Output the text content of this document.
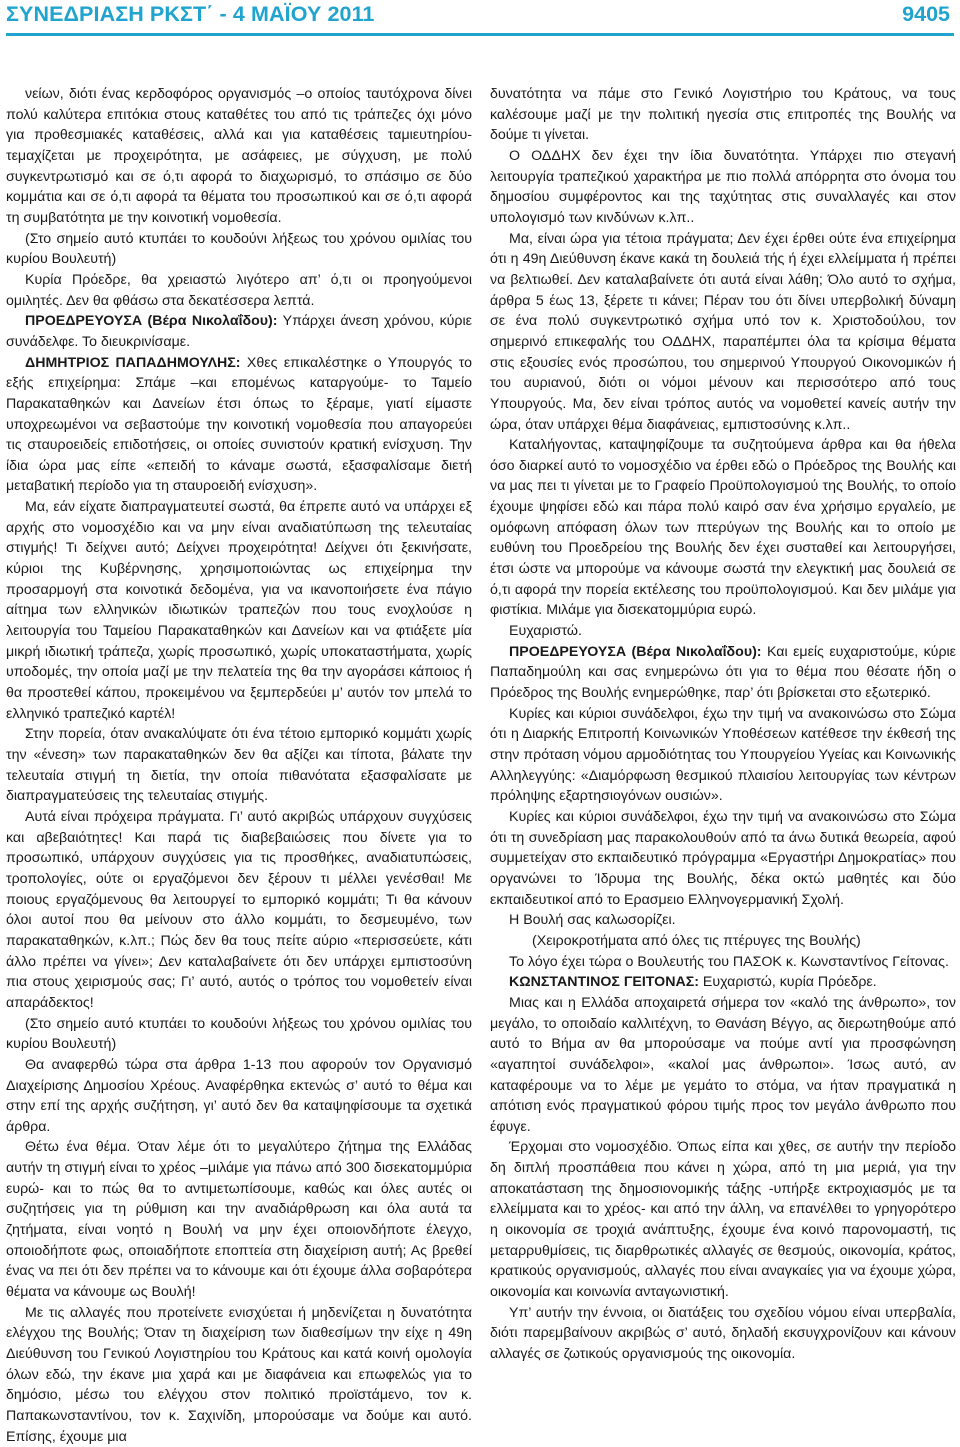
ΣΥΝΕΔΡΙΑΣΗ ΡΚΣΤ΄ - 4 ΜΑΪΟΥ 2011	9405

νείων, διότι ένας κερδοφόρος οργανισμός –ο οποίος ταυτόχρονα δίνει πολύ καλύτερα επιτόκια στους καταθέτες του από τις τράπεζες όχι μόνο για προθεσμιακές καταθέσεις, αλλά και για καταθέσεις ταμιευτηρίου- τεμαχίζεται με προχειρότητα, με ασάφειες, με σύγχυση, με πολύ συγκεντρωτισμό και σε ό,τι αφορά το διαχωρισμό, το σπάσιμο σε δύο κομμάτια και σε ό,τι αφορά τα θέματα του προσωπικού και σε ό,τι αφορά τη συμβατότητα με την κοινοτική νομοθεσία.

(Στο σημείο αυτό κτυπάει το κουδούνι λήξεως του χρόνου ομιλίας του κυρίου Βουλευτή)

Κυρία Πρόεδρε, θα χρειαστώ λιγότερο απ’ ό,τι οι προηγούμενοι ομιλητές. Δεν θα φθάσω στα δεκατέσσερα λεπτά.

ΠΡΟΕΔΡΕΥΟΥΣΑ (Βέρα Νικολαΐδου): Υπάρχει άνεση χρόνου, κύριε συνάδελφε. Το διευκρινίσαμε.

ΔΗΜΗΤΡΙΟΣ ΠΑΠΑΔΗΜΟΥΛΗΣ: Χθες επικαλέστηκε ο Υπουργός το εξής επιχείρημα: Σπάμε –και επομένως καταργούμε- το Ταμείο Παρακαταθηκών και Δανείων έτσι όπως το ξέραμε, γιατί είμαστε υποχρεωμένοι να σεβαστούμε την κοινοτική νομοθεσία που απαγορεύει τις σταυροειδείς επιδοτήσεις, οι οποίες συνιστούν κρατική ενίσχυση. Την ίδια ώρα μας είπε «επειδή το κάναμε σωστά, εξασφαλίσαμε διετή μεταβατική περίοδο για τη σταυροειδή ενίσχυση».

Μα, εάν είχατε διαπραγματευτεί σωστά, θα έπρεπε αυτό να υπάρχει εξ αρχής στο νομοσχέδιο και να μην είναι αναδιατύπωση της τελευταίας στιγμής! Τι δείχνει αυτό; Δείχνει προχειρότητα! Δείχνει ότι ξεκινήσατε, κύριοι της Κυβέρνησης, χρησιμοποιώντας ως επιχείρημα την προσαρμογή στα κοινοτικά δεδομένα, για να ικανοποιήσετε ένα πάγιο αίτημα των ελληνικών ιδιωτικών τραπεζών που τους ενοχλούσε η λειτουργία του Ταμείου Παρακαταθηκών και Δανείων και να φτιάξετε μία μικρή ιδιωτική τράπεζα, χωρίς προσωπικό, χωρίς υποκαταστήματα, χωρίς υποδομές, την οποία μαζί με την πελατεία της θα την αγοράσει κάποιος ή θα προστεθεί κάπου, προκειμένου να ξεμπερδεύει μ’ αυτόν τον μπελά το ελληνικό τραπεζικό καρτέλ!

Στην πορεία, όταν ανακαλύψατε ότι ένα τέτοιο εμπορικό κομμάτι χωρίς την «ένεση» των παρακαταθηκών δεν θα αξίζει και τίποτα, βάλατε την τελευταία στιγμή τη διετία, την οποία πιθανότατα εξασφαλίσατε με διαπραγματεύσεις της τελευταίας στιγμής.

Αυτά είναι πρόχειρα πράγματα. Γι’ αυτό ακριβώς υπάρχουν συγχύσεις και αβεβαιότητες! Και παρά τις διαβεβαιώσεις που δίνετε για το προσωπικό, υπάρχουν συγχύσεις για τις προσθήκες, αναδιατυπώσεις, τροπολογίες, ούτε οι εργαζόμενοι δεν ξέρουν τι μέλλει γενέσθαι! Με ποιους εργαζόμενους θα λειτουργεί το εμπορικό κομμάτι; Τι θα κάνουν όλοι αυτοί που θα μείνουν στο άλλο κομμάτι, το δεσμευμένο, των παρακαταθηκών, κ.λπ.; Πώς δεν θα τους πείτε αύριο «περισσεύετε, κάτι άλλο πρέπει να γίνει»; Δεν καταλαβαίνετε ότι δεν υπάρχει εμπιστοσύνη πια στους χειρισμούς σας; Γι’ αυτό, αυτός ο τρόπος του νομοθετείν είναι απαράδεκτος!

(Στο σημείο αυτό κτυπάει το κουδούνι λήξεως του χρόνου ομιλίας του κυρίου Βουλευτή)

Θα αναφερθώ τώρα στα άρθρα 1-13 που αφορούν τον Οργανισμό Διαχείρισης Δημοσίου Χρέους. Αναφέρθηκα εκτενώς σ’ αυτό το θέμα και στην επί της αρχής συζήτηση, γι’ αυτό δεν θα καταψηφίσουμε τα σχετικά άρθρα.

Θέτω ένα θέμα. Όταν λέμε ότι το μεγαλύτερο ζήτημα της Ελλάδας αυτήν τη στιγμή είναι το χρέος –μιλάμε για πάνω από 300 δισεκατομμύρια ευρώ- και το πώς θα το αντιμετωπίσουμε, καθώς και όλες αυτές οι συζητήσεις για τη ρύθμιση και την αναδιάρθρωση και όλα αυτά τα ζητήματα, είναι νοητό η Βουλή να μην έχει οποιονδήποτε έλεγχο, οποιοδήποτε φως, οποιαδήποτε εποπτεία στη διαχείριση αυτή; Ας βρεθεί ένας να πει ότι δεν πρέπει να το κάνουμε και ότι έχουμε άλλα σοβαρότερα θέματα να κάνουμε ως Βουλή!

Με τις αλλαγές που προτείνετε ενισχύεται ή μηδενίζεται η δυνατότητα ελέγχου της Βουλής; Όταν τη διαχείριση των διαθεσίμων την είχε η 49η Διεύθυνση του Γενικού Λογιστηρίου του Κράτους και κατά κοινή ομολογία όλων εδώ, την έκανε μια χαρά και με διαφάνεια και επωφελώς για το δημόσιο, μέσω του ελέγχου στον πολιτικό προϊστάμενο, τον κ. Παπακωνσταντίνου, τον κ. Σαχινίδη, μπορούσαμε να δούμε και αυτό. Επίσης, έχουμε μια

δυνατότητα να πάμε στο Γενικό Λογιστήριο του Κράτους, να τους καλέσουμε μαζί με την πολιτική ηγεσία στις επιτροπές της Βουλής να δούμε τι γίνεται.

Ο ΟΔΔΗΧ δεν έχει την ίδια δυνατότητα. Υπάρχει πιο στεγανή λειτουργία τραπεζικού χαρακτήρα με πιο πολλά απόρρητα στο όνομα του δημοσίου συμφέροντος και της ταχύτητας στις συναλλαγές και στον υπολογισμό των κινδύνων κ.λπ..

Μα, είναι ώρα για τέτοια πράγματα; Δεν έχει έρθει ούτε ένα επιχείρημα ότι η 49η Διεύθυνση έκανε κακά τη δουλειά τής ή έχει ελλείμματα ή πρέπει να βελτιωθεί. Δεν καταλαβαίνετε ότι αυτά είναι λάθη; Όλο αυτό το σχήμα, άρθρα 5 έως 13, ξέρετε τι κάνει; Πέραν του ότι δίνει υπερβολική δύναμη σε ένα πολύ συγκεντρωτικό σχήμα υπό τον κ. Χριστοδούλου, τον σημερινό επικεφαλής του ΟΔΔΗΧ, παραπέμπει όλα τα κρίσιμα θέματα στις εξουσίες ενός προσώπου, του σημερινού Υπουργού Οικονομικών ή του αυριανού, διότι οι νόμοι μένουν και περισσότερο από τους Υπουργούς. Μα, δεν είναι τρόπος αυτός να νομοθετεί κανείς αυτήν την ώρα, όταν υπάρχει θέμα διαφάνειας, εμπιστοσύνης κ.λπ..

Καταλήγοντας, καταψηφίζουμε τα συζητούμενα άρθρα και θα ήθελα όσο διαρκεί αυτό το νομοσχέδιο να έρθει εδώ ο Πρόεδρος της Βουλής και να μας πει τι γίνεται με το Γραφείο Προϋπολογισμού της Βουλής, το οποίο έχουμε ψηφίσει εδώ και πάρα πολύ καιρό σαν ένα χρήσιμο εργαλείο, με ομόφωνη απόφαση όλων των πτερύγων της Βουλής και το οποίο με ευθύνη του Προεδρείου της Βουλής δεν έχει συσταθεί και λειτουργήσει, έτσι ώστε να μπορούμε να κάνουμε σωστά την ελεγκτική μας δουλειά σε ό,τι αφορά την πορεία εκτέλεσης του προϋπολογισμού. Και δεν μιλάμε για φιστίκια. Μιλάμε για δισεκατομμύρια ευρώ.

Ευχαριστώ.

ΠΡΟΕΔΡΕΥΟΥΣΑ (Βέρα Νικολαΐδου): Και εμείς ευχαριστούμε, κύριε Παπαδημούλη και σας ενημερώνω ότι για το θέμα που θέσατε ήδη ο Πρόεδρος της Βουλής ενημερώθηκε, παρ’ ότι βρίσκεται στο εξωτερικό.

Κυρίες και κύριοι συνάδελφοι, έχω την τιμή να ανακοινώσω στο Σώμα ότι η Διαρκής Επιτροπή Κοινωνικών Υποθέσεων κατέθεσε την έκθεσή της στην πρόταση νόμου αρμοδιότητας του Υπουργείου Υγείας και Κοινωνικής Αλληλεγγύης: «Διαμόρφωση θεσμικού πλαισίου λειτουργίας των κέντρων πρόληψης εξαρτησιογόνων ουσιών».

Κυρίες και κύριοι συνάδελφοι, έχω την τιμή να ανακοινώσω στο Σώμα ότι τη συνεδρίαση μας παρακολουθούν από τα άνω δυτικά θεωρεία, αφού συμμετείχαν στο εκπαιδευτικό πρόγραμμα «Εργαστήρι Δημοκρατίας» που οργανώνει το Ίδρυμα της Βουλής, δέκα οκτώ μαθητές και δύο εκπαιδευτικοί από το Ερασμειο Ελληνογερμανική Σχολή.

Η Βουλή σας καλωσορίζει.

(Χειροκροτήματα από όλες τις πτέρυγες της Βουλής)

Το λόγο έχει τώρα ο Βουλευτής του ΠΑΣΟΚ κ. Κωνσταντίνος Γείτονας.

ΚΩΝΣΤΑΝΤΙΝΟΣ ΓΕΙΤΟΝΑΣ: Ευχαριστώ, κυρία Πρόεδρε.

Μιας και η Ελλάδα αποχαιρετά σήμερα τον «καλό της άνθρωπο», τον μεγάλο, το οποιδαίο καλλιτέχνη, το Θανάση Βέγγο, ας διερωτηθούμε από αυτό το Βήμα αν θα μπορούσαμε να πούμε αντί για προσφώνηση «αγαπητοί συνάδελφοι», «καλοί μας άνθρωποι». Ίσως αυτό, αν καταφέρουμε να το λέμε με γεμάτο το στόμα, να ήταν πραγματικά η απότιση ενός πραγματικού φόρου τιμής προς τον μεγάλο άνθρωπο που έφυγε.

Έρχομαι στο νομοσχέδιο. Όπως είπα και χθες, σε αυτήν την περίοδο δη διπλή προσπάθεια που κάνει η χώρα, από τη μια μεριά, για την αποκατάσταση της δημοσιονομικής τάξης -υπήρξε εκτροχιασμός με τα ελλείμματα και το χρέος- και από την άλλη, να επανέλθει το γρηγορότερο η οικονομία σε τροχιά ανάπτυξης, έχουμε ένα κοινό παρονομαστή, τις μεταρρυθμίσεις, τις διαρθρωτικές αλλαγές σε θεσμούς, οικονομία, κράτος, κρατικούς οργανισμούς, αλλαγές που είναι αναγκαίες για να έχουμε χώρα, οικονομία και κοινωνία ανταγωνιστική.

Υπ’ αυτήν την έννοια, οι διατάξεις του σχεδίου νόμου είναι υπερβαλία, διότι παρεμβαίνουν ακριβώς σ’ αυτό, δηλαδή εκσυγχρονίζουν και κάνουν αλλαγές σε ζωτικούς οργανισμούς της οικονομία.
